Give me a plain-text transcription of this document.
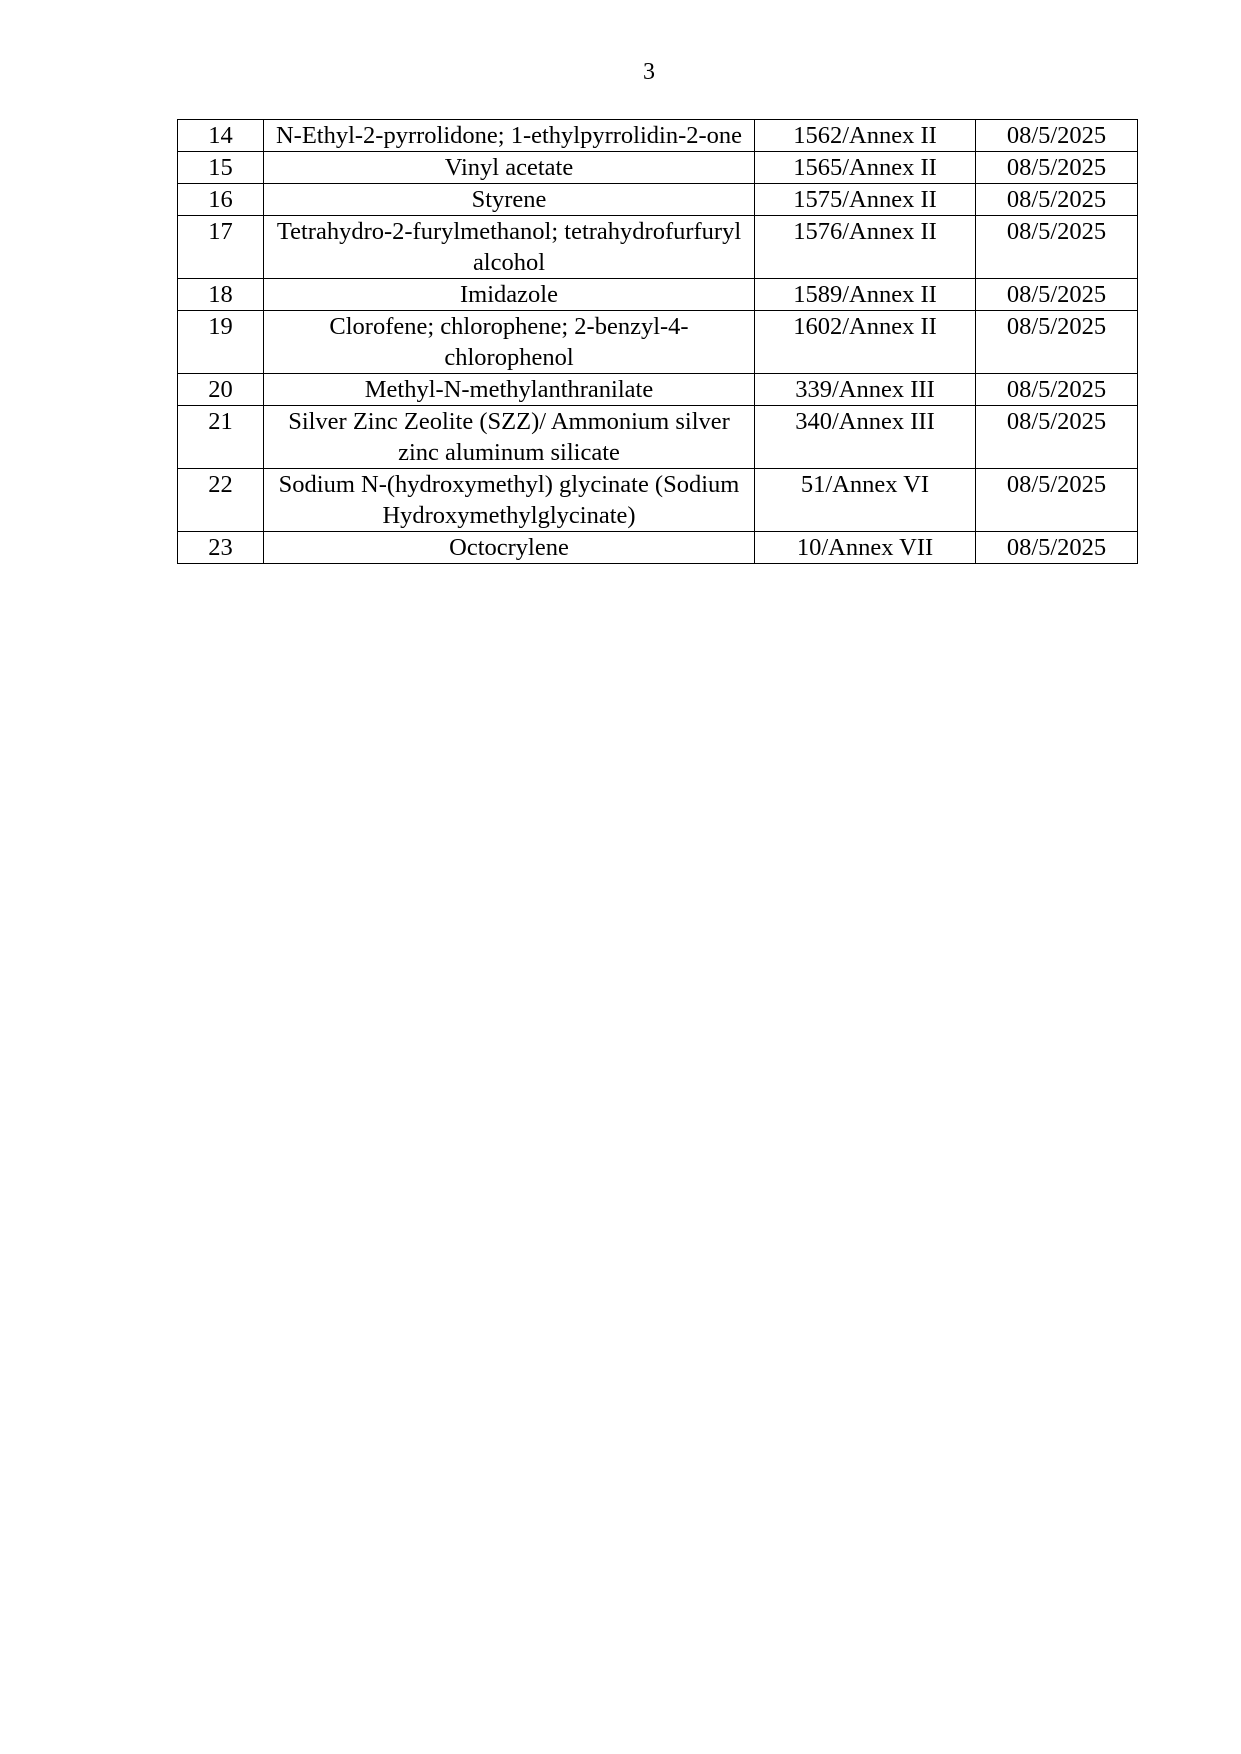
3
14	N-Ethyl-2-pyrrolidone; 1-ethylpyrrolidin-2-one	1562/Annex II	08/5/2025
15	Vinyl acetate	1565/Annex II	08/5/2025
16	Styrene	1575/Annex II	08/5/2025
17	Tetrahydro-2-furylmethanol; tetrahydrofurfuryl alcohol	1576/Annex II	08/5/2025
18	Imidazole	1589/Annex II	08/5/2025
19	Clorofene; chlorophene; 2-benzyl-4-chlorophenol	1602/Annex II	08/5/2025
20	Methyl-N-methylanthranilate	339/Annex III	08/5/2025
21	Silver Zinc Zeolite (SZZ)/ Ammonium silver zinc aluminum silicate	340/Annex III	08/5/2025
22	Sodium N-(hydroxymethyl) glycinate (Sodium Hydroxymethylglycinate)	51/Annex VI	08/5/2025
23	Octocrylene	10/Annex VII	08/5/2025
